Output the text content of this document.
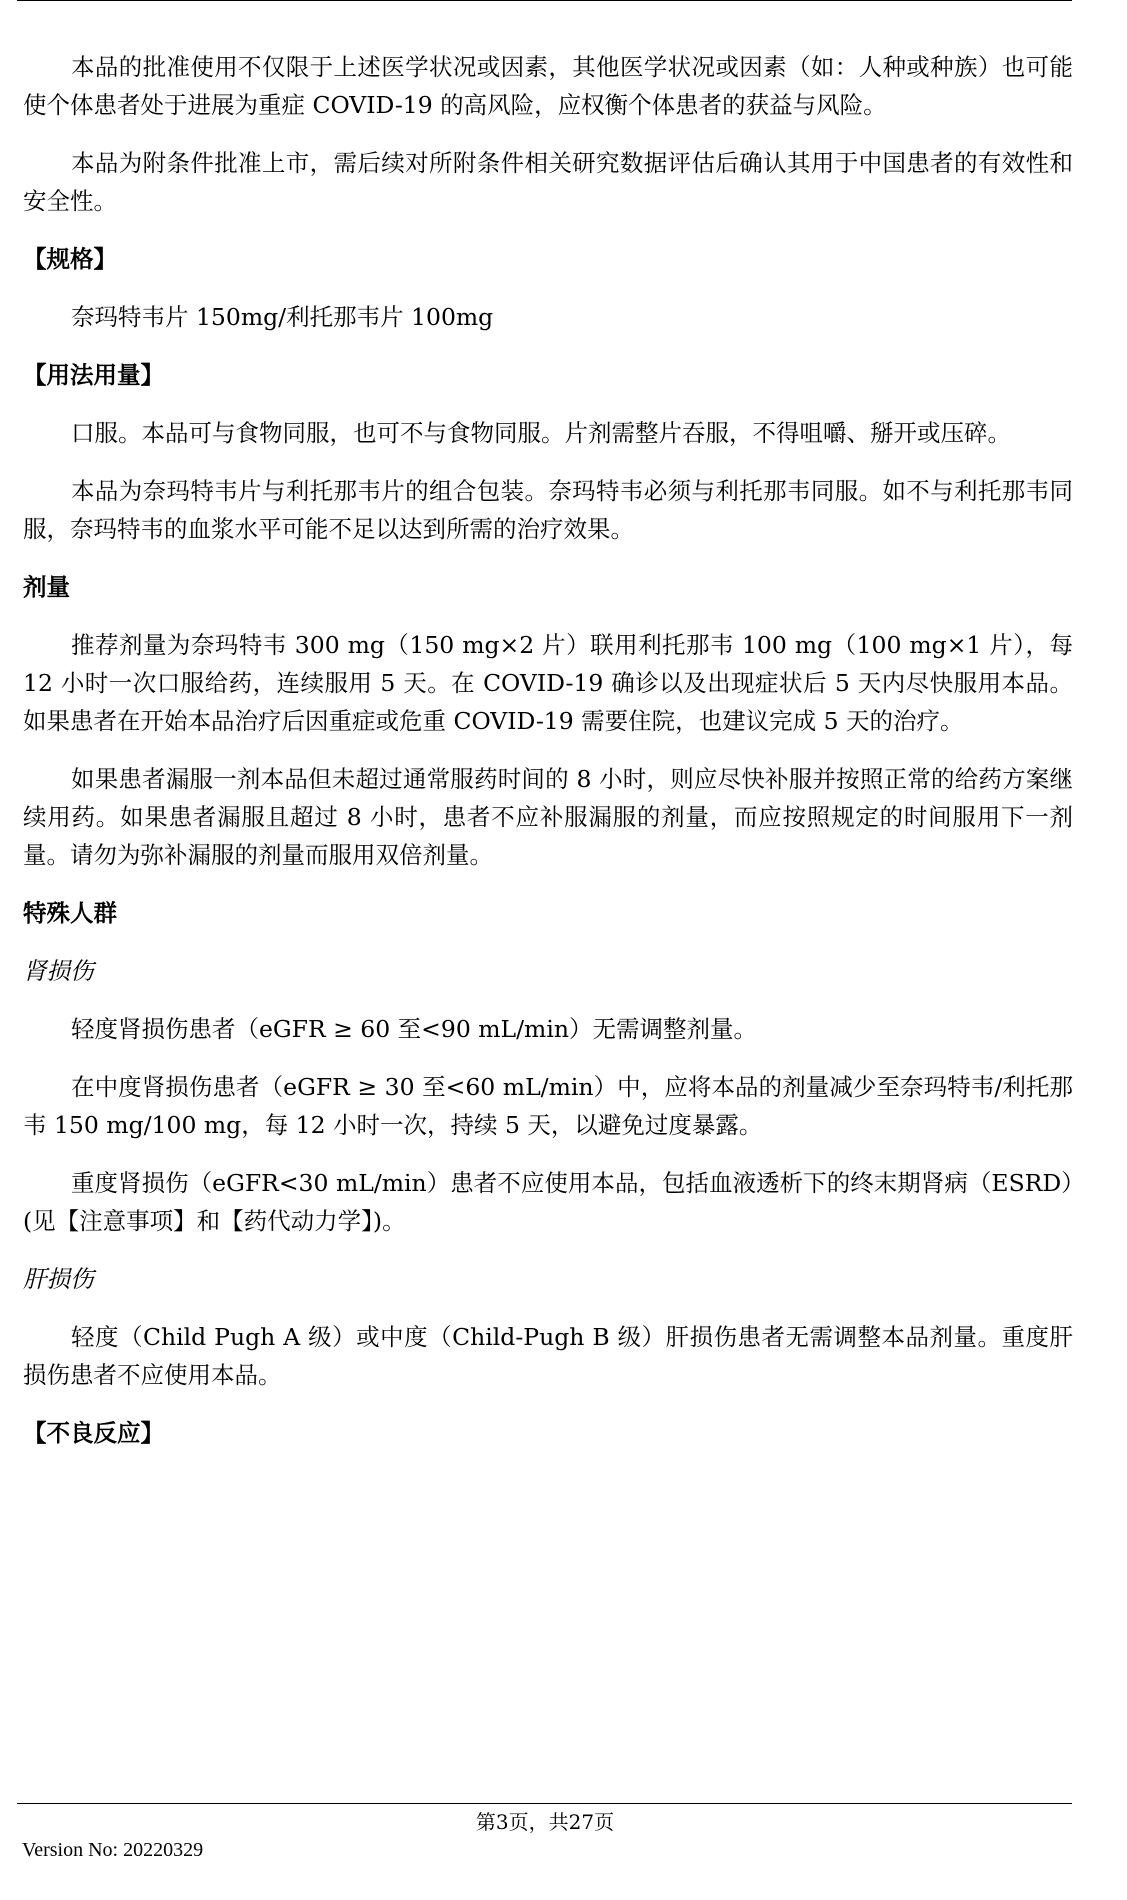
本品的批准使用不仅限于上述医学状况或因素，其他医学状况或因素（如：人种或种族）也可能使个体患者处于进展为重症 COVID-19 的高风险，应权衡个体患者的获益与风险。

本品为附条件批准上市，需后续对所附条件相关研究数据评估后确认其用于中国患者的有效性和安全性。

【规格】

奈玛特韦片 150mg/利托那韦片 100mg

【用法用量】

口服。本品可与食物同服，也可不与食物同服。片剂需整片吞服，不得咀嚼、掰开或压碎。

本品为奈玛特韦片与利托那韦片的组合包装。奈玛特韦必须与利托那韦同服。如不与利托那韦同服，奈玛特韦的血浆水平可能不足以达到所需的治疗效果。

剂量

推荐剂量为奈玛特韦 300 mg（150 mg×2 片）联用利托那韦 100 mg（100 mg×1 片），每 12 小时一次口服给药，连续服用 5 天。在 COVID-19 确诊以及出现症状后 5 天内尽快服用本品。如果患者在开始本品治疗后因重症或危重 COVID-19 需要住院，也建议完成 5 天的治疗。

如果患者漏服一剂本品但未超过通常服药时间的 8 小时，则应尽快补服并按照正常的给药方案继续用药。如果患者漏服且超过 8 小时，患者不应补服漏服的剂量，而应按照规定的时间服用下一剂量。请勿为弥补漏服的剂量而服用双倍剂量。

特殊人群
肾损伤

轻度肾损伤患者（eGFR ≥ 60 至<90 mL/min）无需调整剂量。

在中度肾损伤患者（eGFR ≥ 30 至<60 mL/min）中，应将本品的剂量减少至奈玛特韦/利托那韦 150 mg/100 mg，每 12 小时一次，持续 5 天，以避免过度暴露。

重度肾损伤（eGFR<30 mL/min）患者不应使用本品，包括血液透析下的终末期肾病（ESRD）(见【注意事项】和【药代动力学】)。

肝损伤

轻度（Child Pugh A 级）或中度（Child-Pugh B 级）肝损伤患者无需调整本品剂量。重度肝损伤患者不应使用本品。

【不良反应】
第3页，共27页
Version No: 20220329
